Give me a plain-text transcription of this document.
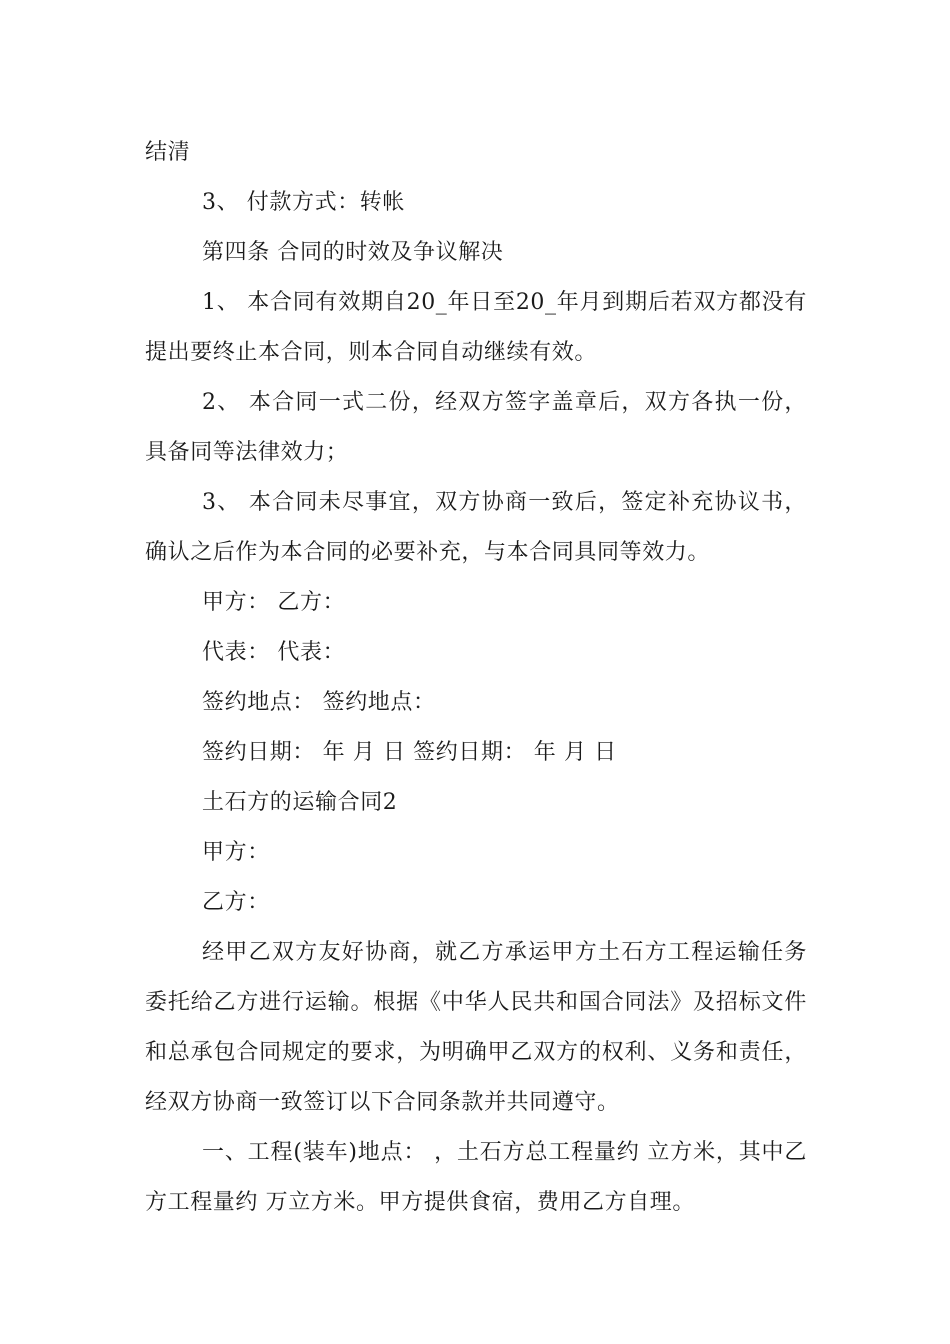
结清

3、 付款方式：转帐

第四条 合同的时效及争议解决

1、 本合同有效期自20_年日至20_年月到期后若双方都没有提出要终止本合同，则本合同自动继续有效。

2、 本合同一式二份，经双方签字盖章后，双方各执一份，具备同等法律效力；

3、 本合同未尽事宜，双方协商一致后，签定补充协议书，确认之后作为本合同的必要补充，与本合同具同等效力。

甲方： 乙方：

代表： 代表：

签约地点： 签约地点：

签约日期： 年 月 日 签约日期： 年 月 日

土石方的运输合同2

甲方：

乙方：

经甲乙双方友好协商，就乙方承运甲方土石方工程运输任务委托给乙方进行运输。根据《中华人民共和国合同法》及招标文件和总承包合同规定的要求，为明确甲乙双方的权利、义务和责任，经双方协商一致签订以下合同条款并共同遵守。

一、工程(装车)地点： ，土石方总工程量约 立方米，其中乙方工程量约 万立方米。甲方提供食宿，费用乙方自理。
